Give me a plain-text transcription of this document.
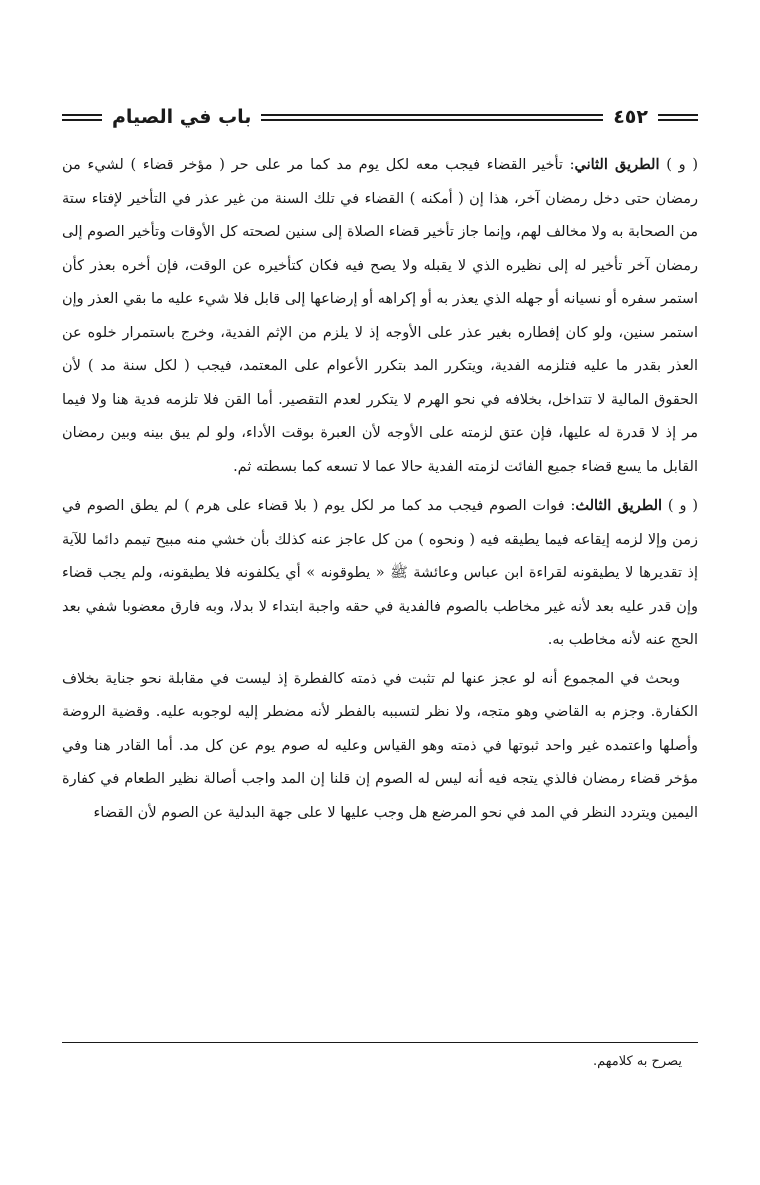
باب في الصيام	٤٥٢

( و ) الطريق الثاني: تأخير القضاء فيجب معه لكل يوم مد كما مر على حر ( مؤخر قضاء ) لشيء من رمضان حتى دخل رمضان آخر، هذا إن ( أمكنه ) القضاء في تلك السنة من غير عذر في التأخير لإفتاء ستة من الصحابة به ولا مخالف لهم، وإنما جاز تأخير قضاء الصلاة إلى سنين لصحته كل الأوقات وتأخير الصوم إلى رمضان آخر تأخير له إلى نظيره الذي لا يقبله ولا يصح فيه فكان كتأخيره عن الوقت، فإن أخره بعذر كأن استمر سفره أو نسيانه أو جهله الذي يعذر به أو إكراهه أو إرضاعها إلى قابل فلا شيء عليه ما بقي العذر وإن استمر سنين، ولو كان إفطاره بغير عذر على الأوجه إذ لا يلزم من الإثم الفدية، وخرج باستمرار خلوه عن العذر بقدر ما عليه فتلزمه الفدية، ويتكرر المد بتكرر الأعوام على المعتمد، فيجب ( لكل سنة مد ) لأن الحقوق المالية لا تتداخل، بخلافه في نحو الهرم لا يتكرر لعدم التقصير. أما القن فلا تلزمه فدية هنا ولا فيما مر إذ لا قدرة له عليها، فإن عتق لزمته على الأوجه لأن العبرة بوقت الأداء، ولو لم يبق بينه وبين رمضان القابل ما يسع قضاء جميع الفائت لزمته الفدية حالا عما لا تسعه كما بسطته ثم.

( و ) الطريق الثالث: فوات الصوم فيجب مد كما مر لكل يوم ( بلا قضاء على هرم ) لم يطق الصوم في زمن وإلا لزمه إيقاعه فيما يطيقه فيه ( ونحوه ) من كل عاجز عنه كذلك بأن خشي منه مبيح تيمم دائما للآية إذ تقديرها لا يطيقونه لقراءة ابن عباس وعائشة ﷺ « يطوقونه » أي يكلفونه فلا يطيقونه، ولم يجب قضاء وإن قدر عليه بعد لأنه غير مخاطب بالصوم فالفدية في حقه واجبة ابتداء لا بدلا، وبه فارق معضوبا شفي بعد الحج عنه لأنه مخاطب به.

وبحث في المجموع أنه لو عجز عنها لم تثبت في ذمته كالفطرة إذ ليست في مقابلة نحو جناية بخلاف الكفارة. وجزم به القاضي وهو متجه، ولا نظر لتسببه بالفطر لأنه مضطر إليه لوجوبه عليه. وقضية الروضة وأصلها واعتمده غير واحد ثبوتها في ذمته وهو القياس وعليه له صوم يوم عن كل مد. أما القادر هنا وفي مؤخر قضاء رمضان فالذي يتجه فيه أنه ليس له الصوم إن قلنا إن المد واجب أصالة نظير الطعام في كفارة اليمين ويتردد النظر في المد في نحو المرضع هل وجب عليها لا على جهة البدلية عن الصوم لأن القضاء

يصرح به كلامهم.
